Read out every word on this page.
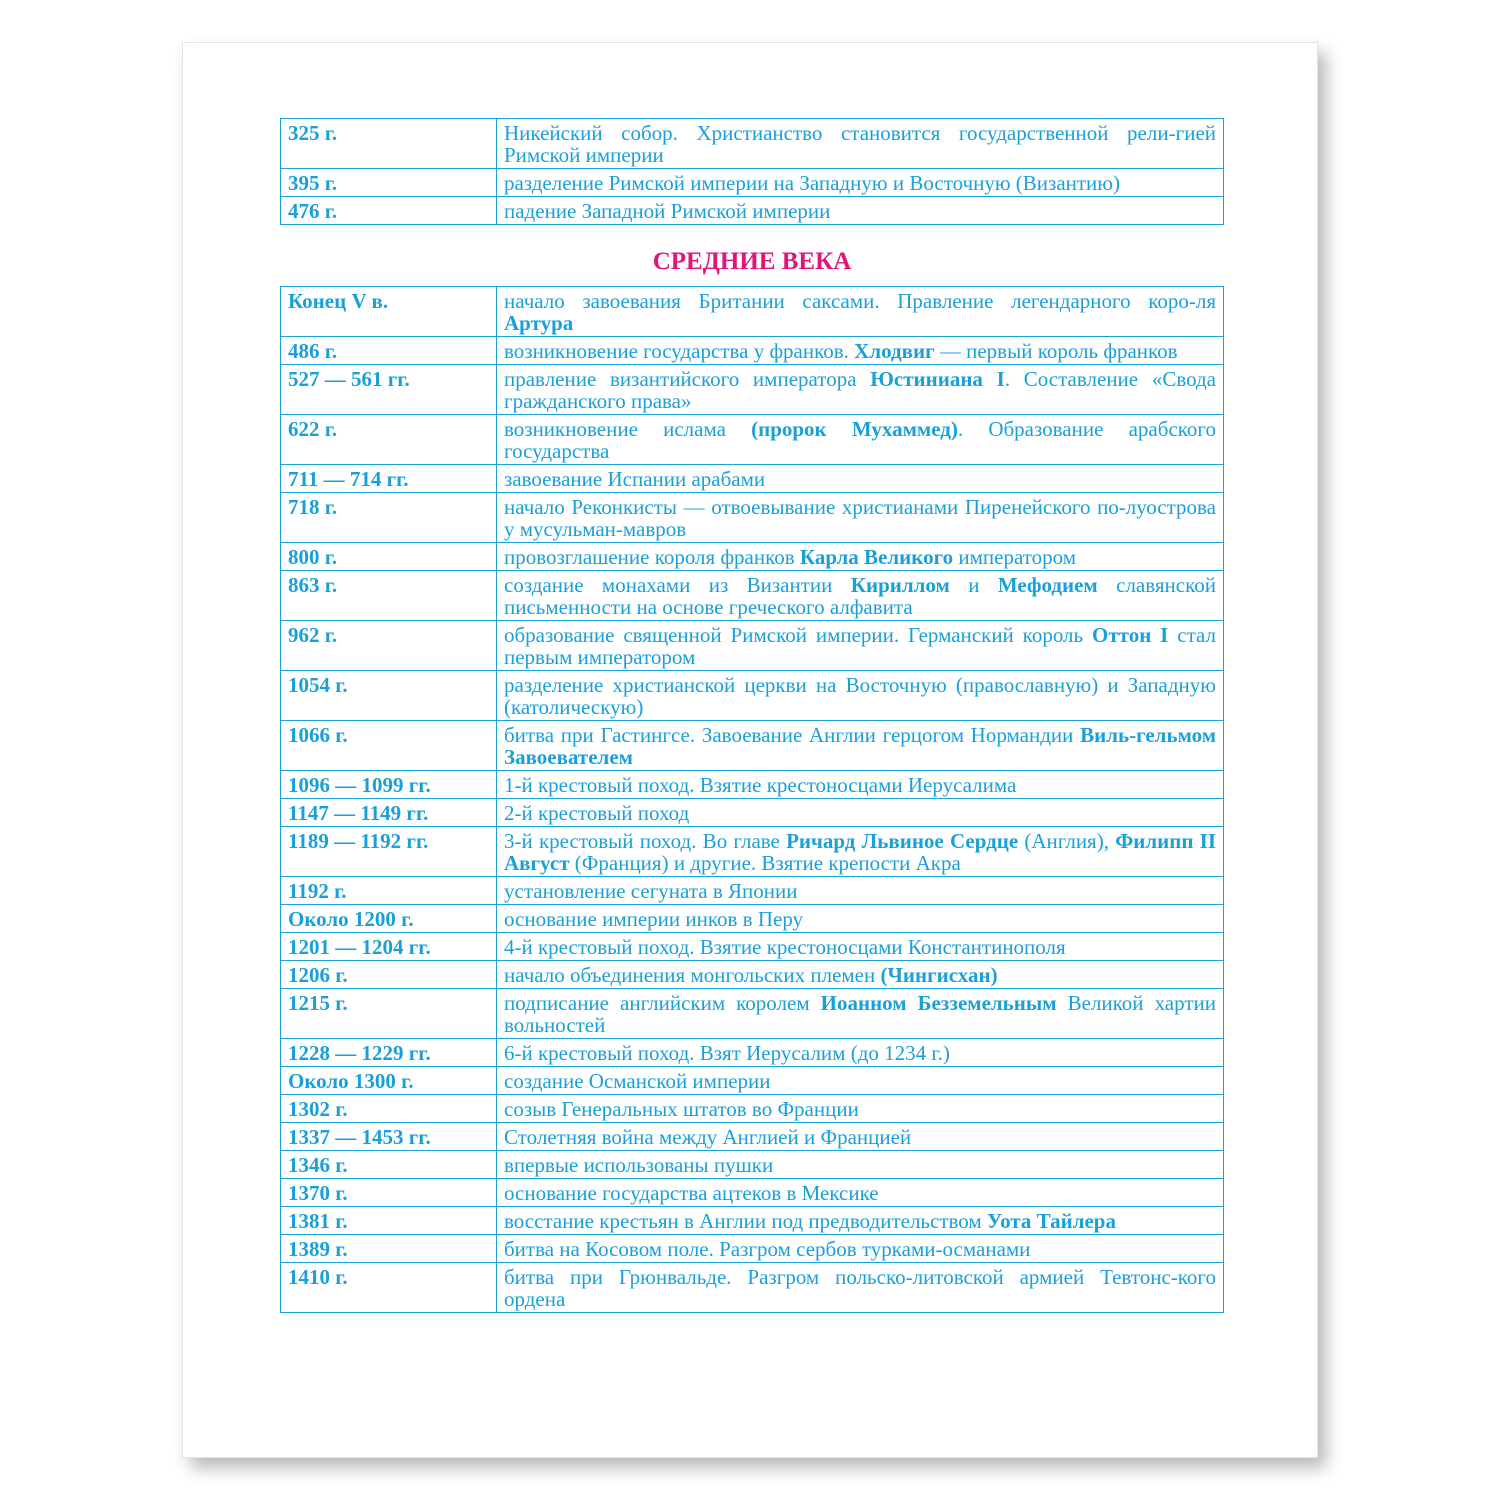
325 г.	Никейский собор. Христианство становится государственной рели-гией Римской империи
395 г.	разделение Римской империи на Западную и Восточную (Византию)
476 г.	падение Западной Римской империи
СРЕДНИЕ ВЕКА
Конец V в.	начало завоевания Британии саксами. Правление легендарного коро-ля Артура
486 г.	возникновение государства у франков. Хлодвиг — первый король франков
527 — 561 гг.	правление византийского императора Юстиниана I. Составление «Свода гражданского права»
622 г.	возникновение ислама (пророк Мухаммед). Образование арабского государства
711 — 714 гг.	завоевание Испании арабами
718 г.	начало Реконкисты — отвоевывание христианами Пиренейского по-луострова у мусульман-мавров
800 г.	провозглашение короля франков Карла Великого императором
863 г.	создание монахами из Византии Кириллом и Мефодием славянской письменности на основе греческого алфавита
962 г.	образование священной Римской империи. Германский король Оттон I стал первым императором
1054 г.	разделение христианской церкви на Восточную (православную) и Западную (католическую)
1066 г.	битва при Гастингсе. Завоевание Англии герцогом Нормандии Виль-гельмом Завоевателем
1096 — 1099 гг.	1-й крестовый поход. Взятие крестоносцами Иерусалима
1147 — 1149 гг.	2-й крестовый поход
1189 — 1192 гг.	3-й крестовый поход. Во главе Ричард Львиное Сердце (Англия), Филипп II Август (Франция) и другие. Взятие крепости Акра
1192 г.	установление сегуната в Японии
Около 1200 г.	основание империи инков в Перу
1201 — 1204 гг.	4-й крестовый поход. Взятие крестоносцами Константинополя
1206 г.	начало объединения монгольских племен (Чингисхан)
1215 г.	подписание английским королем Иоанном Безземельным Великой хартии вольностей
1228 — 1229 гг.	6-й крестовый поход. Взят Иерусалим (до 1234 г.)
Около 1300 г.	создание Османской империи
1302 г.	созыв Генеральных штатов во Франции
1337 — 1453 гг.	Столетняя война между Англией и Францией
1346 г.	впервые использованы пушки
1370 г.	основание государства ацтеков в Мексике
1381 г.	восстание крестьян в Англии под предводительством Уота Тайлера
1389 г.	битва на Косовом поле. Разгром сербов турками-османами
1410 г.	битва при Грюнвальде. Разгром польско-литовской армией Тевтонс-кого ордена
